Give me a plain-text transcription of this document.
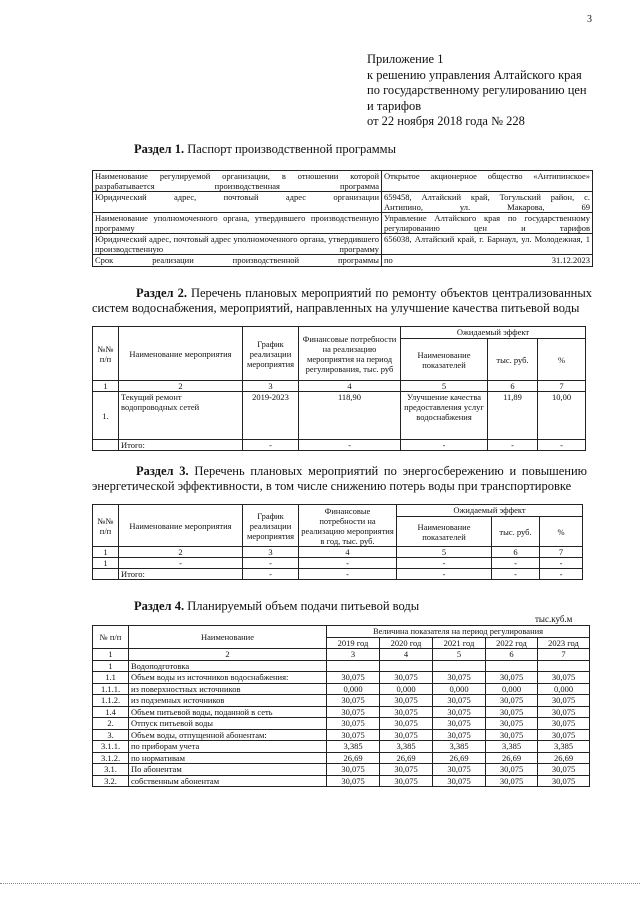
3
Приложение 1
к решению управления Алтайского края
по государственному регулированию цен
и тарифов
от 22 ноября 2018 года № 228
Раздел 1. Паспорт производственной программы
Наименование регулируемой организации, в отношении которой разрабатывается производственная программа	Открытое акционерное общество «Антипинское»
Юридический адрес, почтовый адрес организации	659458, Алтайский край, Тогульский район, с. Антипино, ул. Макарова, 69
Наименование уполномоченного органа, утвердившего производственную программу	Управление Алтайского края по государственному регулированию цен и тарифов
Юридический адрес, почтовый адрес уполномоченного органа, утвердившего производственную программу	656038, Алтайский край, г. Барнаул, ул. Молодежная, 1
Срок реализации производственной программы	по 31.12.2023
Раздел 2. Перечень плановых мероприятий по ремонту объектов централизованных систем водоснабжения, мероприятий, направленных на улучшение качества питьевой воды
№№ п/п	Наименование мероприятия	График реализации мероприятия	Финансовые потребности на реализацию мероприятия на период регулирования, тыс. руб	Ожидаемый эффект		
				Наименование показателей	тыс. руб.	%
1	2	3	4	5	6	7
1.	Текущий ремонт водопроводных сетей	2019-2023	118,90	Улучшение качества предоставления услуг водоснабжения	11,89	10,00
	Итого:	-	-	-	-	-
Раздел 3. Перечень плановых мероприятий по энергосбережению и повышению энергетической эффективности, в том числе снижению потерь воды при транспортировке
№№ п/п	Наименование мероприятия	График реализации мероприятия	Финансовые потребности на реализацию мероприятия в год, тыс. руб.	Ожидаемый эффект		
				Наименование показателей	тыс. руб.	%
1	2	3	4	5	6	7
1	-	-	-	-	-	-
	Итого:	-	-	-	-	-
Раздел 4. Планируемый объем подачи питьевой воды
тыс.куб.м
№ п/п	Наименование	Величина показателя на период регулирования				
		2019 год	2020 год	2021 год	2022 год	2023 год
1	2	3	4	5	6	7
1	Водоподготовка					
1.1	Объем воды из источников водоснабжения:	30,075	30,075	30,075	30,075	30,075
1.1.1.	из поверхностных источников	0,000	0,000	0,000	0,000	0,000
1.1.2.	из подземных источников	30,075	30,075	30,075	30,075	30,075
1.4	Объем питьевой воды, поданной в сеть	30,075	30,075	30,075	30,075	30,075
2.	Отпуск питьевой воды	30,075	30,075	30,075	30,075	30,075
3.	Объем воды, отпущенной абонентам:	30,075	30,075	30,075	30,075	30,075
3.1.1.	по приборам учета	3,385	3,385	3,385	3,385	3,385
3.1.2.	по нормативам	26,69	26,69	26,69	26,69	26,69
3.1.	По абонентам	30,075	30,075	30,075	30,075	30,075
3.2.	собственным абонентам	30,075	30,075	30,075	30,075	30,075
